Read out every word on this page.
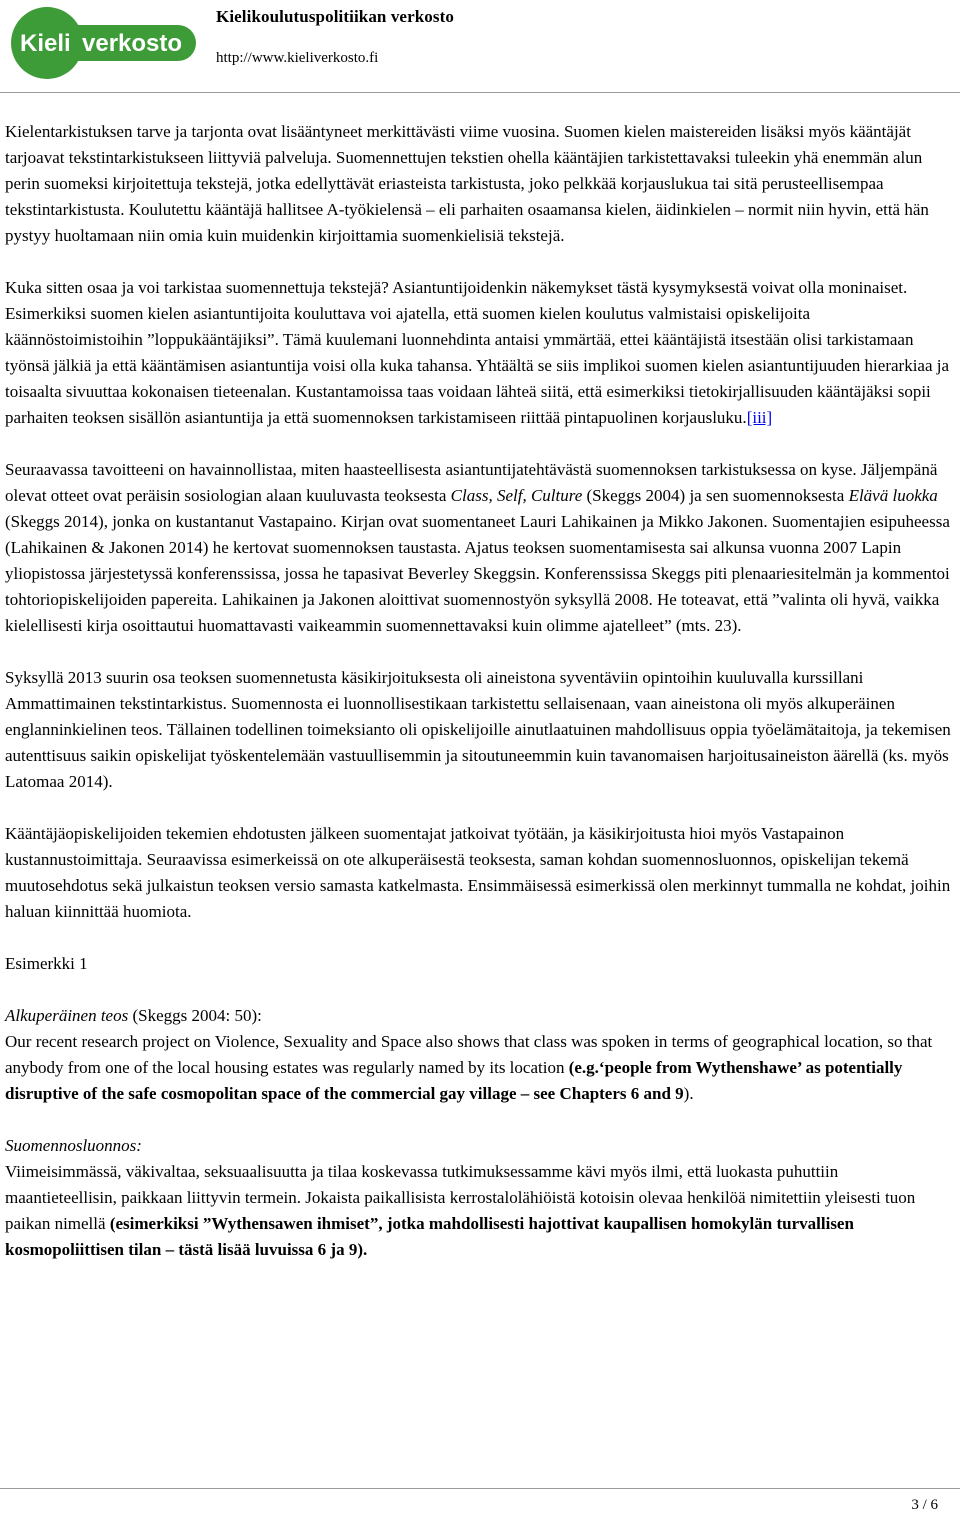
Kieli verkosto
Kielikoulutuspolitiikan verkosto
http://www.kieliverkosto.fi

Kielentarkistuksen tarve ja tarjonta ovat lisääntyneet merkittävästi viime vuosina. Suomen kielen maistereiden lisäksi myös kääntäjät tarjoavat tekstintarkistukseen liittyviä palveluja. Suomennettujen tekstien ohella kääntäjien tarkistettavaksi tuleekin yhä enemmän alun perin suomeksi kirjoitettuja tekstejä, jotka edellyttävät eriasteista tarkistusta, joko pelkkää korjauslukua tai sitä perusteellisempaa tekstintarkistusta. Koulutettu kääntäjä hallitsee A-työkielensä – eli parhaiten osaamansa kielen, äidinkielen – normit niin hyvin, että hän pystyy huoltamaan niin omia kuin muidenkin kirjoittamia suomenkielisiä tekstejä.

Kuka sitten osaa ja voi tarkistaa suomennettuja tekstejä? Asiantuntijoidenkin näkemykset tästä kysymyksestä voivat olla moninaiset. Esimerkiksi suomen kielen asiantuntijoita kouluttava voi ajatella, että suomen kielen koulutus valmistaisi opiskelijoita käännöstoimistoihin ”loppukääntäjiksi”. Tämä kuulemani luonnehdinta antaisi ymmärtää, ettei kääntäjistä itsestään olisi tarkistamaan työnsä jälkiä ja että kääntämisen asiantuntija voisi olla kuka tahansa. Yhtäältä se siis implikoi suomen kielen asiantuntijuuden hierarkiaa ja toisaalta sivuuttaa kokonaisen tieteenalan. Kustantamoissa taas voidaan lähteä siitä, että esimerkiksi tietokirjallisuuden kääntäjäksi sopii parhaiten teoksen sisällön asiantuntija ja että suomennoksen tarkistamiseen riittää pintapuolinen korjausluku.[iii]

Seuraavassa tavoitteeni on havainnollistaa, miten haasteellisesta asiantuntijatehtävästä suomennoksen tarkistuksessa on kyse. Jäljempänä olevat otteet ovat peräisin sosiologian alaan kuuluvasta teoksesta Class, Self, Culture (Skeggs 2004) ja sen suomennoksesta Elävä luokka (Skeggs 2014), jonka on kustantanut Vastapaino. Kirjan ovat suomentaneet Lauri Lahikainen ja Mikko Jakonen. Suomentajien esipuheessa (Lahikainen & Jakonen 2014) he kertovat suomennoksen taustasta. Ajatus teoksen suomentamisesta sai alkunsa vuonna 2007 Lapin yliopistossa järjestetyssä konferenssissa, jossa he tapasivat Beverley Skeggsin. Konferenssissa Skeggs piti plenaariesitelmän ja kommentoi tohtoriopiskelijoiden papereita. Lahikainen ja Jakonen aloittivat suomennostyön syksyllä 2008. He toteavat, että ”valinta oli hyvä, vaikka kielellisesti kirja osoittautui huomattavasti vaikeammin suomennettavaksi kuin olimme ajatelleet” (mts. 23).

Syksyllä 2013 suurin osa teoksen suomennetusta käsikirjoituksesta oli aineistona syventäviin opintoihin kuuluvalla kurssillani Ammattimainen tekstintarkistus. Suomennosta ei luonnollisestikaan tarkistettu sellaisenaan, vaan aineistona oli myös alkuperäinen englanninkielinen teos. Tällainen todellinen toimeksianto oli opiskelijoille ainutlaatuinen mahdollisuus oppia työelämätaitoja, ja tekemisen autenttisuus saikin opiskelijat työskentelemään vastuullisemmin ja sitoutuneemmin kuin tavanomaisen harjoitusaineiston äärellä (ks. myös Latomaa 2014).

Kääntäjäopiskelijoiden tekemien ehdotusten jälkeen suomentajat jatkoivat työtään, ja käsikirjoitusta hioi myös Vastapainon kustannustoimittaja. Seuraavissa esimerkeissä on ote alkuperäisestä teoksesta, saman kohdan suomennosluonnos, opiskelijan tekemä muutosehdotus sekä julkaistun teoksen versio samasta katkelmasta. Ensimmäisessä esimerkissä olen merkinnyt tummalla ne kohdat, joihin haluan kiinnittää huomiota.

Esimerkki 1

Alkuperäinen teos (Skeggs 2004: 50):

Our recent research project on Violence, Sexuality and Space also shows that class was spoken in terms of geographical location, so that anybody from one of the local housing estates was regularly named by its location (e.g.‘people from Wythenshawe’ as potentially disruptive of the safe cosmopolitan space of the commercial gay village – see Chapters 6 and 9).

Suomennosluonnos:

Viimeisimmässä, väkivaltaa, seksuaalisuutta ja tilaa koskevassa tutkimuksessamme kävi myös ilmi, että luokasta puhuttiin maantieteellisin, paikkaan liittyvin termein. Jokaista paikallisista kerrostalolähiöistä kotoisin olevaa henkilöä nimitettiin yleisesti tuon paikan nimellä (esimerkiksi ”Wythensawen ihmiset”, jotka mahdollisesti hajottivat kaupallisen homokylän turvallisen kosmopoliittisen tilan – tästä lisää luvuissa 6 ja 9).

3 / 6
